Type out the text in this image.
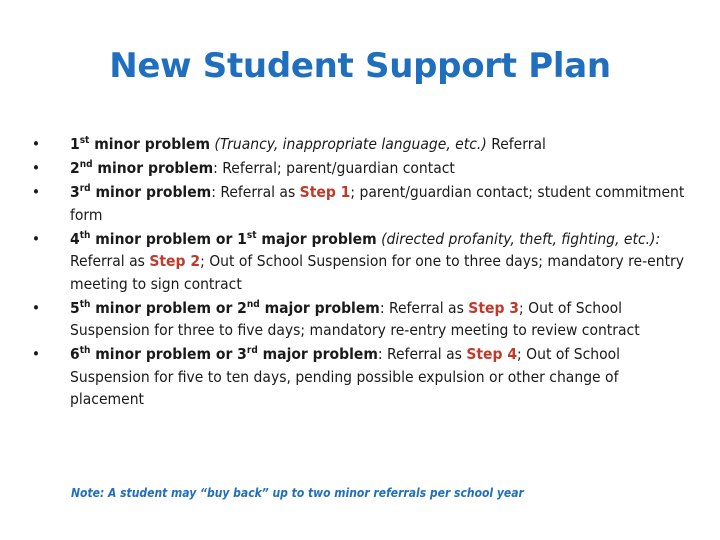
New Student Support Plan
• 1st minor problem (Truancy, inappropriate language, etc.) Referral
• 2nd minor problem: Referral; parent/guardian contact
• 3rd minor problem: Referral as Step 1; parent/guardian contact; student commitment form
• 4th minor problem or 1st major problem (directed profanity, theft, fighting, etc.): Referral as Step 2; Out of School Suspension for one to three days; mandatory re-entry meeting to sign contract
• 5th minor problem or 2nd major problem: Referral as Step 3; Out of School Suspension for three to five days; mandatory re-entry meeting to review contract
• 6th minor problem or 3rd major problem: Referral as Step 4; Out of School Suspension for five to ten days, pending possible expulsion or other change of placement
Note: A student may “buy back” up to two minor referrals per school year
